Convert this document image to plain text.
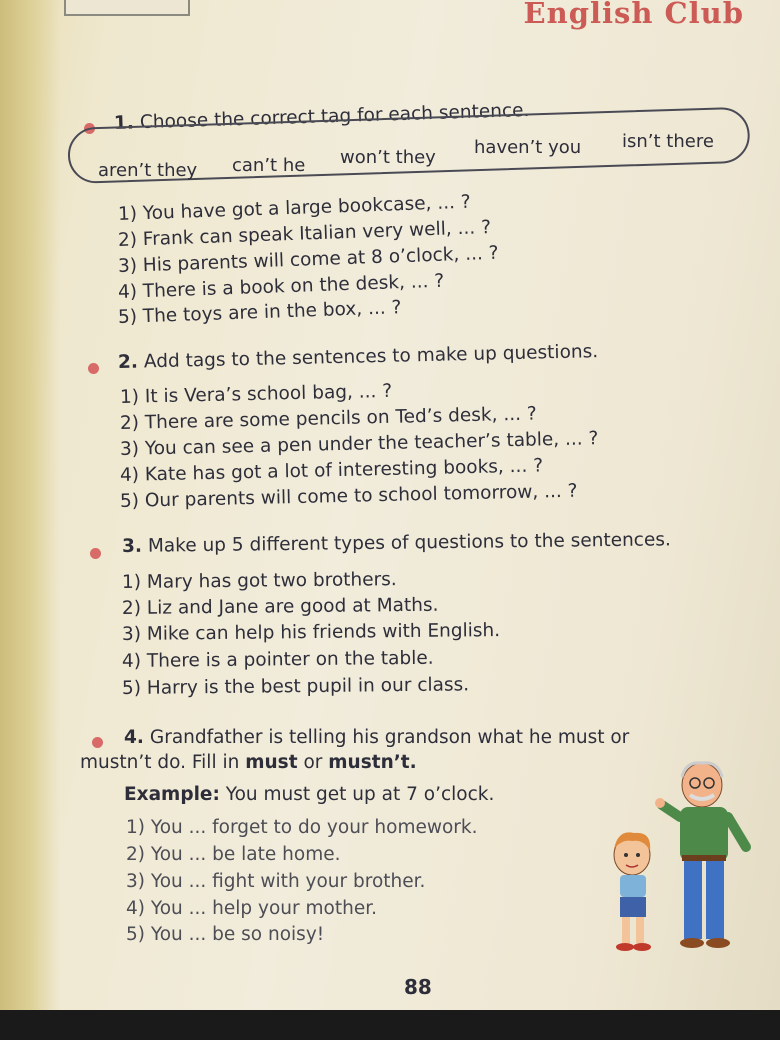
English Club
1. Choose the correct tag for each sentence.
aren’t they can’t he won’t they haven’t you isn’t there
1) You have got a large bookcase, ... ?
2) Frank can speak Italian very well, ... ?
3) His parents will come at 8 o’clock, ... ?
4) There is a book on the desk, ... ?
5) The toys are in the box, ... ?
2. Add tags to the sentences to make up questions.
1) It is Vera’s school bag, ... ?
2) There are some pencils on Ted’s desk, ... ?
3) You can see a pen under the teacher’s table, ... ?
4) Kate has got a lot of interesting books, ... ?
5) Our parents will come to school tomorrow, ... ?
3. Make up 5 different types of questions to the sentences.
1) Mary has got two brothers.
2) Liz and Jane are good at Maths.
3) Mike can help his friends with English.
4) There is a pointer on the table.
5) Harry is the best pupil in our class.
4. Grandfather is telling his grandson what he must or
mustn’t do. Fill in must or mustn’t.
Example: You must get up at 7 o’clock.
1) You ... forget to do your homework.
2) You ... be late home.
3) You ... fight with your brother.
4) You ... help your mother.
5) You ... be so noisy!
88
